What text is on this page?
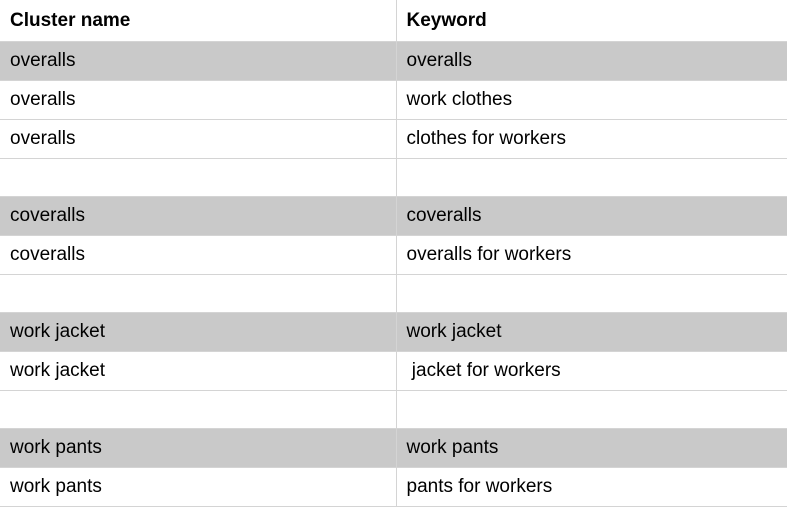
Cluster name	Keyword
overalls	overalls
overalls	work clothes
overalls	clothes for workers

coveralls	coveralls
coveralls	overalls for workers

work jacket	work jacket
work jacket	jacket for workers

work pants	work pants
work pants	pants for workers
